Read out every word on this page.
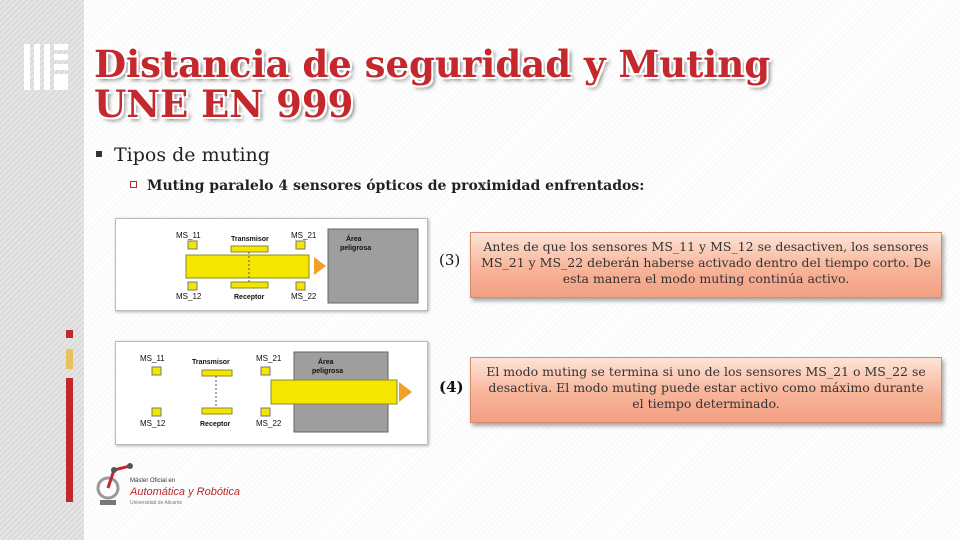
Distancia de seguridad y Muting
UNE EN 999
Tipos de muting
Muting paralelo 4 sensores ópticos de proximidad enfrentados:
Área
peligrosa
MS_11
MS_12
MS_21
MS_22
Transmisor
Receptor
Área
peligrosa
MS_11
MS_12
MS_21
MS_22
Transmisor
Receptor
(3)
(4)
Antes de que los sensores MS_11 y MS_12 se desactiven, los sensores MS_21 y MS_22 deberán haberse activado dentro del tiempo corto. De esta manera el modo muting continúa activo.
El modo muting se termina si uno de los sensores MS_21 o MS_22 se desactiva. El modo muting puede estar activo como máximo durante el tiempo determinado.
Máster Oficial en
Automática y Robótica
Universidad de Alicante
